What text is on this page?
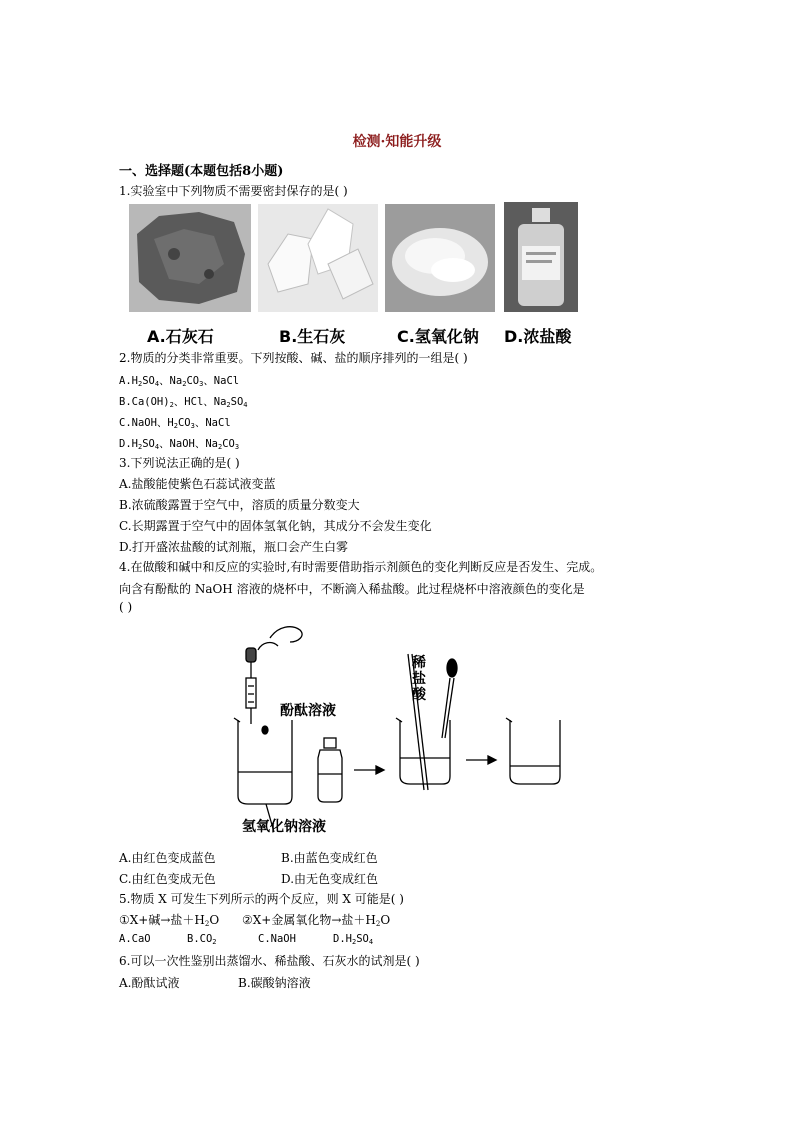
检测·知能升级
一、选择题(本题包括8小题)
1.实验室中下列物质不需要密封保存的是( )
A.石灰石	B.生石灰	C.氢氧化钠 D.浓盐酸
2.物质的分类非常重要。下列按酸、碱、盐的顺序排列的一组是( )
$A.H_2SO_4$、$Na_2CO_3$、NaCl
$B.Ca(OH)_2$、HCl、$Na_2SO_4$
C.NaOH、$H_2CO_3$、NaCl
$D.H_2SO_4$、NaOH、$Na_2CO_3$
3.下列说法正确的是( )
A.盐酸能使紫色石蕊试液变蓝
B.浓硫酸露置于空气中，溶质的质量分数变大
C.长期露置于空气中的固体氢氧化钠，其成分不会发生变化
D.打开盛浓盐酸的试剂瓶，瓶口会产生白雾
4.在做酸和碱中和反应的实验时,有时需要借助指示剂颜色的变化判断反应是否发生、完成。
向含有酚酞的 NaOH 溶液的烧杯中，不断滴入稀盐酸。此过程烧杯中溶液颜色的变化是
( )
酚酞溶液
氢氧化钠溶液
稀
盐
酸
A.由红色变成蓝色	B.由蓝色变成红色
C.由红色变成无色	D.由无色变成红色
5.物质 X 可发生下列所示的两个反应，则 X 可能是( )
①X+碱→盐$+H_2O$ ②X+金属氧化物→盐$+H_2O$
A.CaO	$B.CO_2$	C.NaOH	$D.H_2SO_4$
6.可以一次性鉴别出蒸馏水、稀盐酸、石灰水的试剂是( )
A.酚酞试液	B.碳酸钠溶液
